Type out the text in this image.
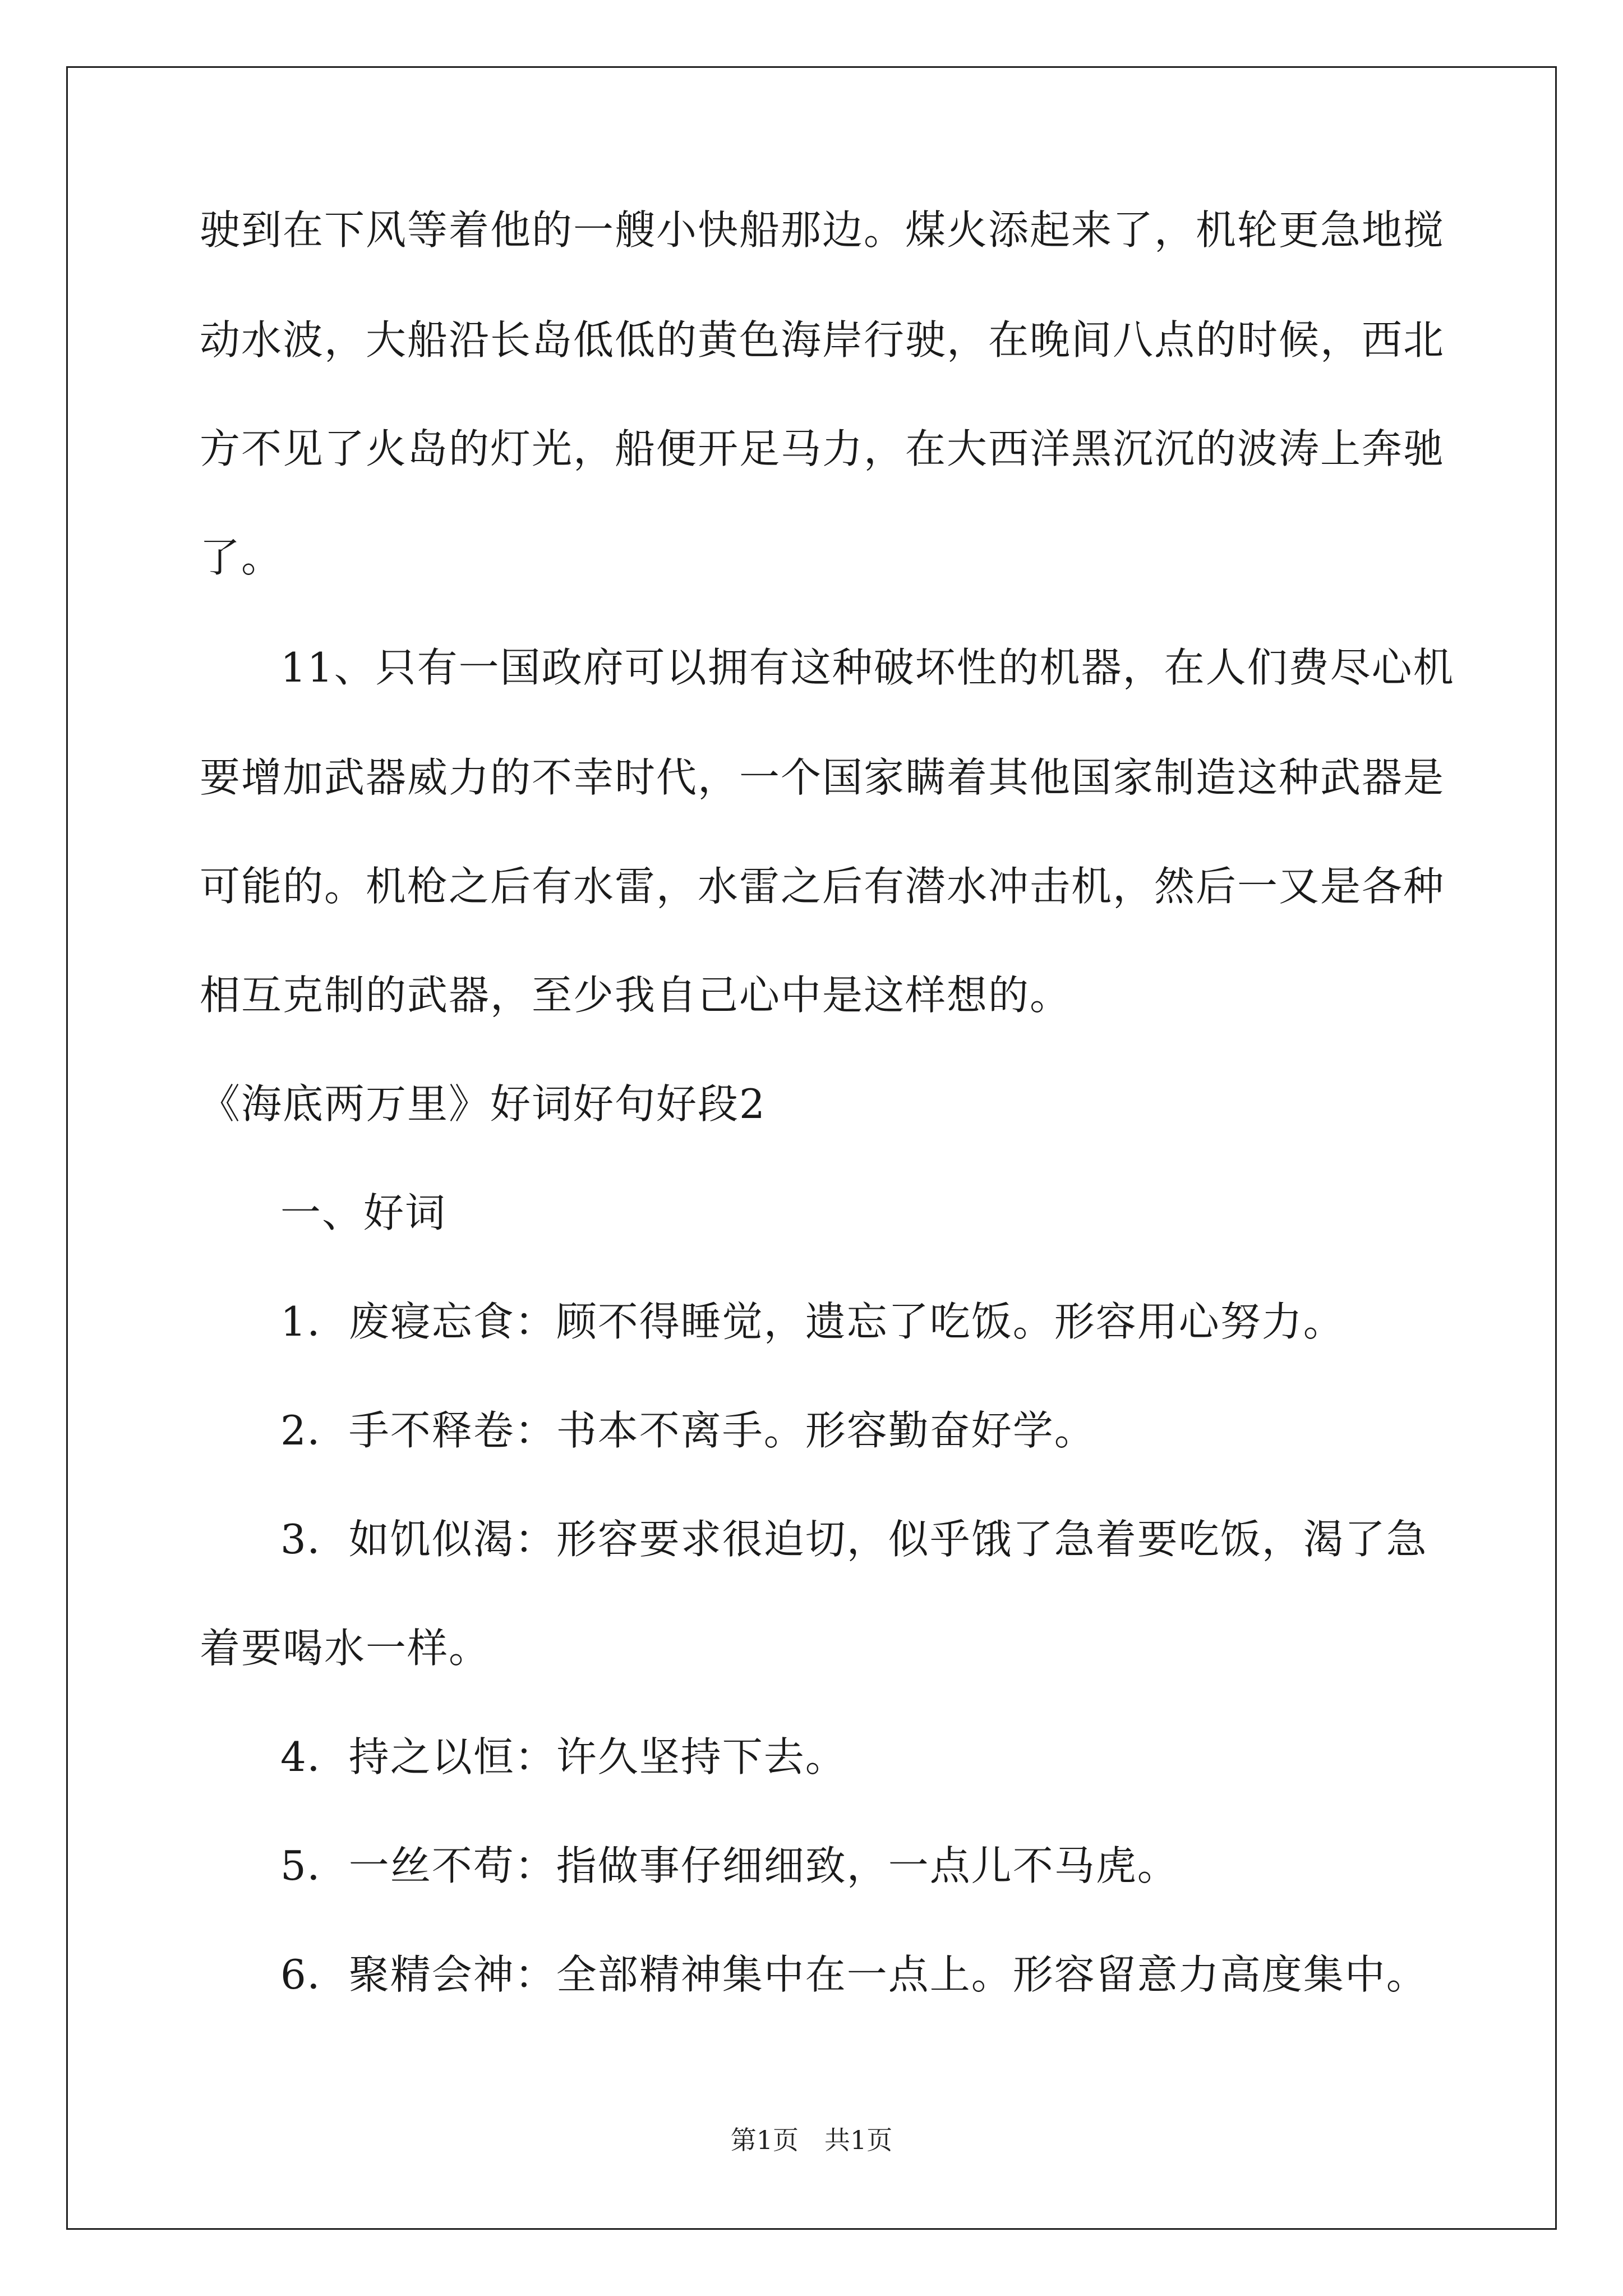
驶到在下风等着他的一艘小快船那边。煤火添起来了，机轮更急地搅
动水波，大船沿长岛低低的黄色海岸行驶，在晚间八点的时候，西北
方不见了火岛的灯光，船便开足马力，在大西洋黑沉沉的波涛上奔驰
了。
11、只有一国政府可以拥有这种破坏性的机器，在人们费尽心机
要增加武器威力的不幸时代，一个国家瞒着其他国家制造这种武器是
可能的。机枪之后有水雷，水雷之后有潜水冲击机，然后一又是各种
相互克制的武器，至少我自己心中是这样想的。
《海底两万里》好词好句好段2
一、好词
1．废寝忘食：顾不得睡觉，遗忘了吃饭。形容用心努力。
2．手不释卷：书本不离手。形容勤奋好学。
3．如饥似渴：形容要求很迫切，似乎饿了急着要吃饭，渴了急
着要喝水一样。
4．持之以恒：许久坚持下去。
5．一丝不苟：指做事仔细细致，一点儿不马虎。
6．聚精会神：全部精神集中在一点上。形容留意力高度集中。
第1页 共1页
